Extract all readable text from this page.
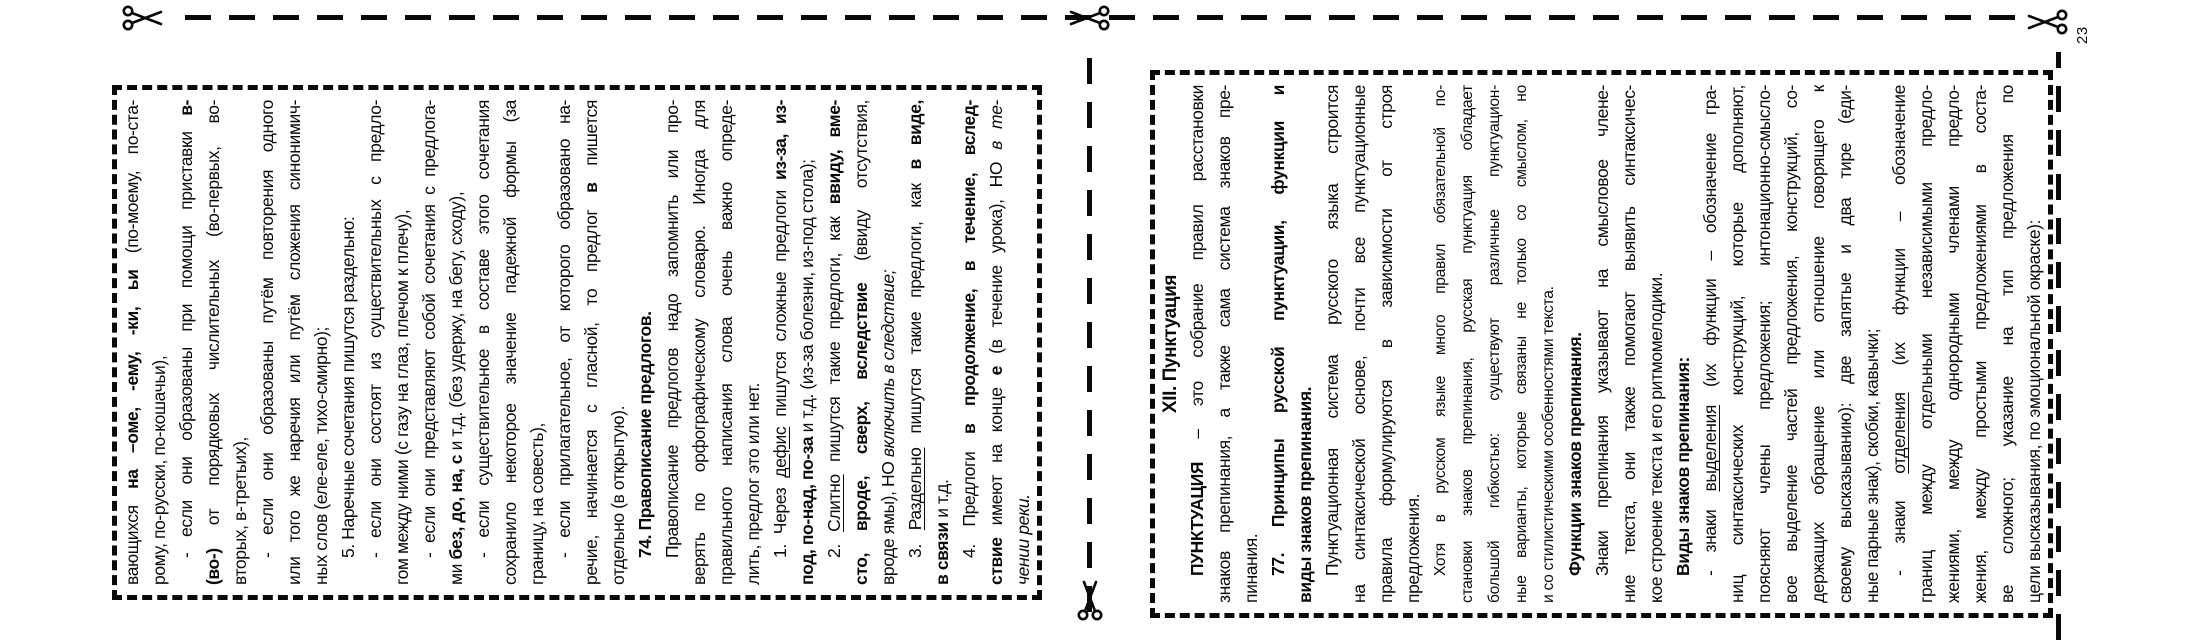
вающихся на –оме, -ему, -ки, ьи (по-моему, по-ста-
рому, по-русски, по-кошачьи), - если они образованы при помощи приставки в-
(во-) от порядковых числительных (во-первых, во- вторых, в-третьих), - если они образованы путём повторения одного или того же наречия или путём сложения синонимич- ных слов (еле-еле, тихо-смирно); 5. Наречные сочетания пишутся раздельно: - если они состоят из существительных с предло- гом между ними (с газу на глаз, плечом к плечу), - если они представляют собой сочетания с предлога-
ми без, до, на, с и т.д. (без удержу, на бегу, сходу), - если существительное в составе этого сочетания сохранило некоторое значение падежной формы (за границу, на совесть), - если прилагательное, от которого образовано на- речие, начинается с гласной, то предлог в пишется
отдельно (в открытую). 74. Правописание предлогов. Правописание предлогов надо запомнить или про- верять по орфографическому словарю. Иногда для правильного написания слова очень важно опреде- лить, предлог это или нет. 1. Через дефис пишутся сложные предлоги из-за, из-
под, по-над, по-за и т.д. (из-за болезни, из-под стола);
2. Слитно пишутся такие предлоги, как ввиду, вме-
сто, вроде, сверх, вследствие (ввиду отсутствия,
вроде ямы), НО включить в следствие;
3. Раздельно пишутся такие предлоги, как в виде,
в связи и т.д. 4. Предлоги в продолжение, в течение, вслед-
ствие имеют на конце е (в течение урока), НО в те-
чении реки.
XII. Пунктуация
ПУНКТУАЦИЯ – это собрание правил расстановки знаков препинания, а также сама система знаков пре- пинания. 77. Принципы русской пунктуации, функции и виды знаков препинания. Пунктуационная система русского языка строится на синтаксической основе, почти все пунктуационные правила формулируются в зависимости от строя предложения. Хотя в русском языке много правил обязательной по- становки знаков препинания, русская пунктуация обладает большой гибкостью: существуют различные пунктуацион- ные варианты, которые связаны не только со смыслом, но и со стилистическими особенностями текста. Функции знаков препинания. Знаки препинания указывают на смысловое члене- ние текста, они также помогают выявить синтаксичес- кое строение текста и его ритмомелодики. Виды знаков препинания: - знаки выделения (их функции – обозначение гра- ниц синтаксических конструкций, которые дополняют, поясняют члены предложения; интонационно-смысло- вое выделение частей предложения, конструкций, со- держащих обращение или отношение говорящего к своему высказыванию): две запятые и два тире (еди- ные парные знак), скобки, кавычки; - знаки отделения (их функции – обозначение границ между отдельными независимыми предло- жениями, между однородными членами предло- жения, между простыми предложениями в соста- ве сложного; указание на тип предложения по цели высказывания, по эмоциональной окраске):
23
